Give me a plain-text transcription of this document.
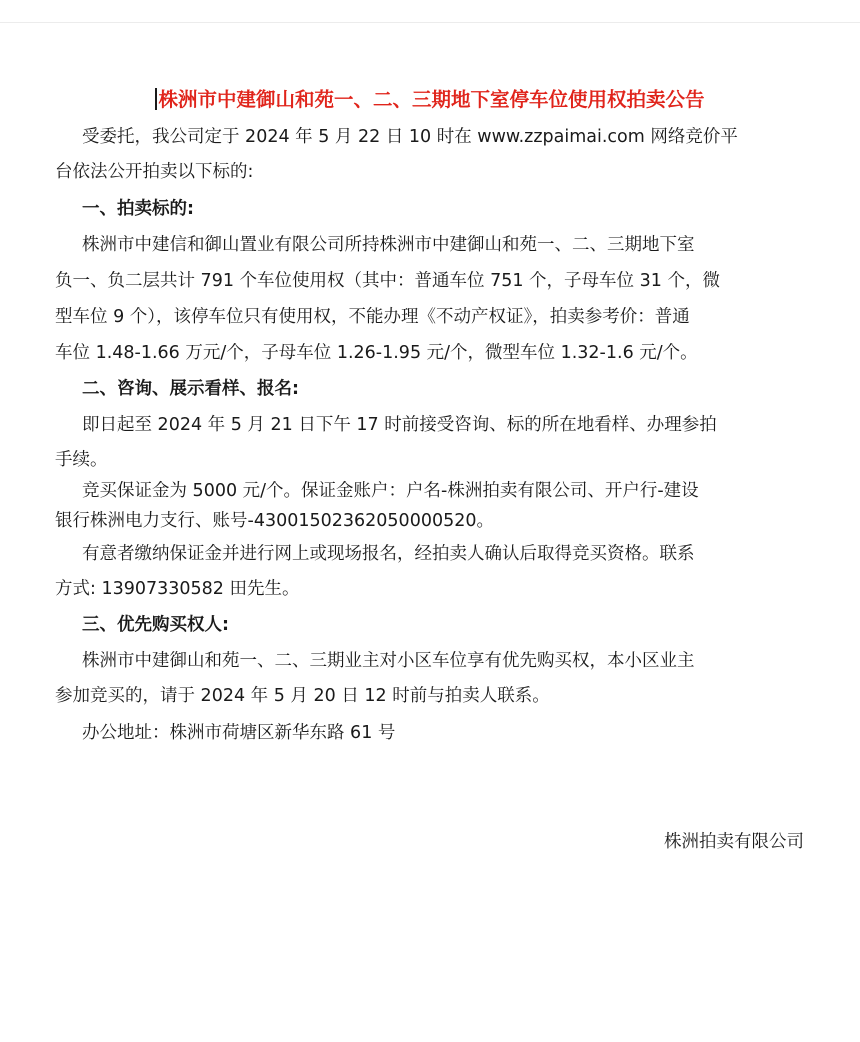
株洲市中建御山和苑一、二、三期地下室停车位使用权拍卖公告
受委托，我公司定于 2024 年 5 月 22 日 10 时在 www.zzpaimai.com 网络竞价平
台依法公开拍卖以下标的:
一、拍卖标的:
株洲市中建信和御山置业有限公司所持株洲市中建御山和苑一、二、三期地下室
负一、负二层共计 791 个车位使用权（其中：普通车位 751 个，子母车位 31 个，微
型车位 9 个），该停车位只有使用权，不能办理《不动产权证》，拍卖参考价：普通
车位 1.48-1.66 万元/个，子母车位 1.26-1.95 元/个，微型车位 1.32-1.6 元/个。
二、咨询、展示看样、报名:
即日起至 2024 年 5 月 21 日下午 17 时前接受咨询、标的所在地看样、办理参拍
手续。
竞买保证金为 5000 元/个。保证金账户：户名-株洲拍卖有限公司、开户行-建设
银行株洲电力支行、账号-43001502362050000520。
有意者缴纳保证金并进行网上或现场报名，经拍卖人确认后取得竞买资格。联系
方式: 13907330582 田先生。
三、优先购买权人:
株洲市中建御山和苑一、二、三期业主对小区车位享有优先购买权，本小区业主
参加竞买的，请于 2024 年 5 月 20 日 12 时前与拍卖人联系。
办公地址：株洲市荷塘区新华东路 61 号
株洲拍卖有限公司
